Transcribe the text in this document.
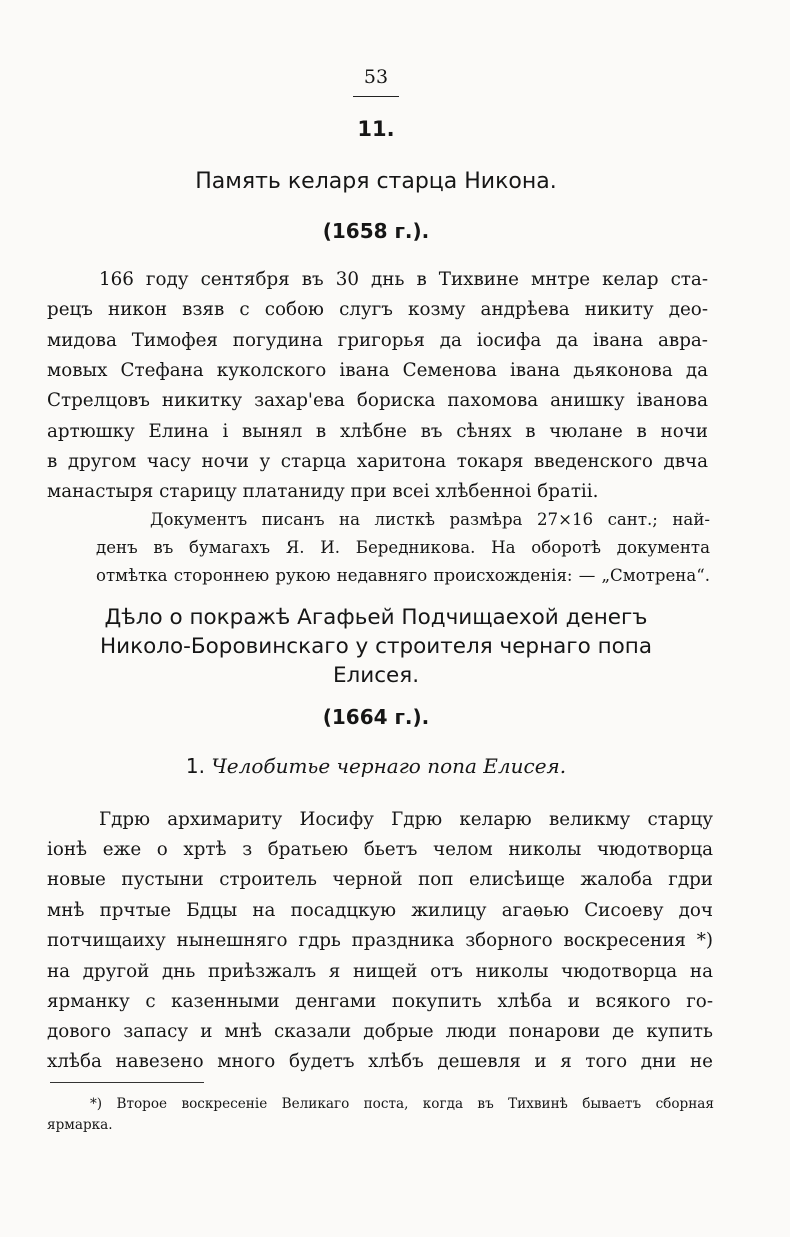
53
11.
Память келаря старца Никона.
(1658 г.).
166 году сентября въ 30 днь в Тихвине мнтре келар ста-
рецъ никон взяв с собою слугъ козму андрѣева никиту део-
мидова Тимофея погудина григорья да іосифа да івана авра-
мовых Стефана куколского івана Семенова івана дьяконова да
Стрелцовъ никитку захар'ева бориска пахомова анишку іванова
артюшку Елина і вынял в хлѣбне въ сѣнях в чюлане в ночи
в другом часу ночи у старца харитона токаря введенского двча
манастыря старицу платаниду при всеі хлѣбенноі братіі.
Документъ писанъ на листкѣ размѣра 27×16 сант.; най-
денъ въ бумагахъ Я. И. Бередникова. На оборотѣ документа
отмѣтка стороннею рукою недавняго происхожденія: — „Смотрена“.
Дѣло о покражѣ Агафьей Подчищаехой денегъ
Николо-Боровинскаго у строителя чернаго попа
Елисея.
(1664 г.).
1. Челобитье чернаго попа Елисея.
Гдрю архимариту Иосифу Гдрю келарю великму старцу
іонѣ еже о хртѣ з братьею бьетъ челом николы чюдотворца
новые пустыни строитель черной поп елисѣище жалоба гдри
мнѣ прчтые Бдцы на посадцкую жилицу агаѳью Сисоеву доч
потчищаиху нынешняго гдрь праздника зборного воскресения *)
на другой днь приѣзжалъ я нищей отъ николы чюдотворца на
ярманку с казенными денгами покупить хлѣба и всякого го-
дового запасу и мнѣ сказали добрые люди понарови де купить
хлѣба навезено много будетъ хлѣбъ дешевля и я того дни не
*) Второе воскресеніе Великаго поста, когда въ Тихвинѣ бываетъ сборная
ярмарка.
